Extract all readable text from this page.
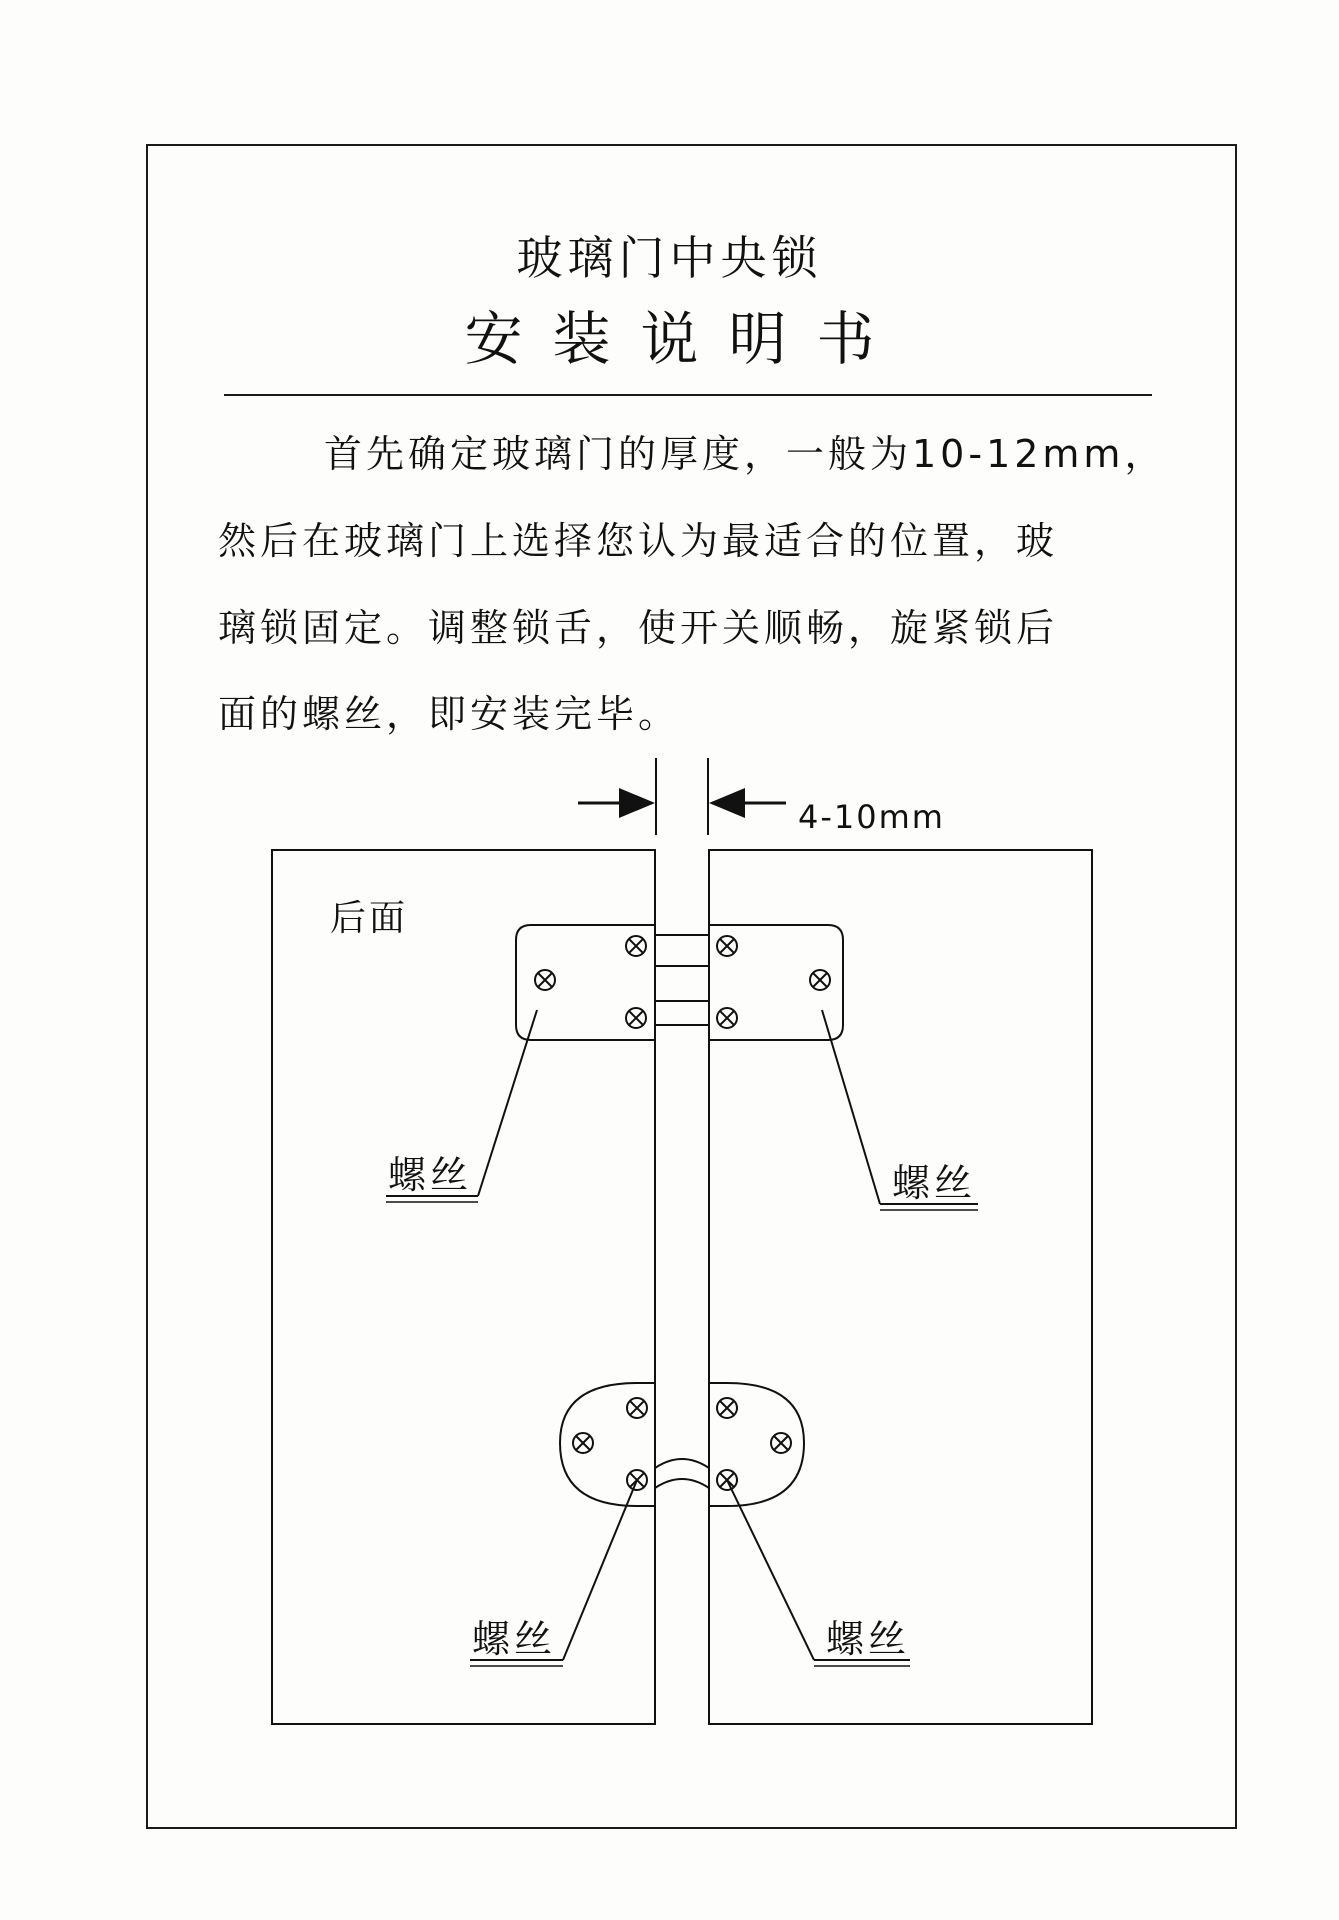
玻璃门中央锁
安装说明书
首先确定玻璃门的厚度，一般为10-12mm，
然后在玻璃门上选择您认为最适合的位置，玻
璃锁固定。调整锁舌，使开关顺畅，旋紧锁后
面的螺丝，即安装完毕。
4-10mm
后面
螺丝	螺丝
螺丝	螺丝
